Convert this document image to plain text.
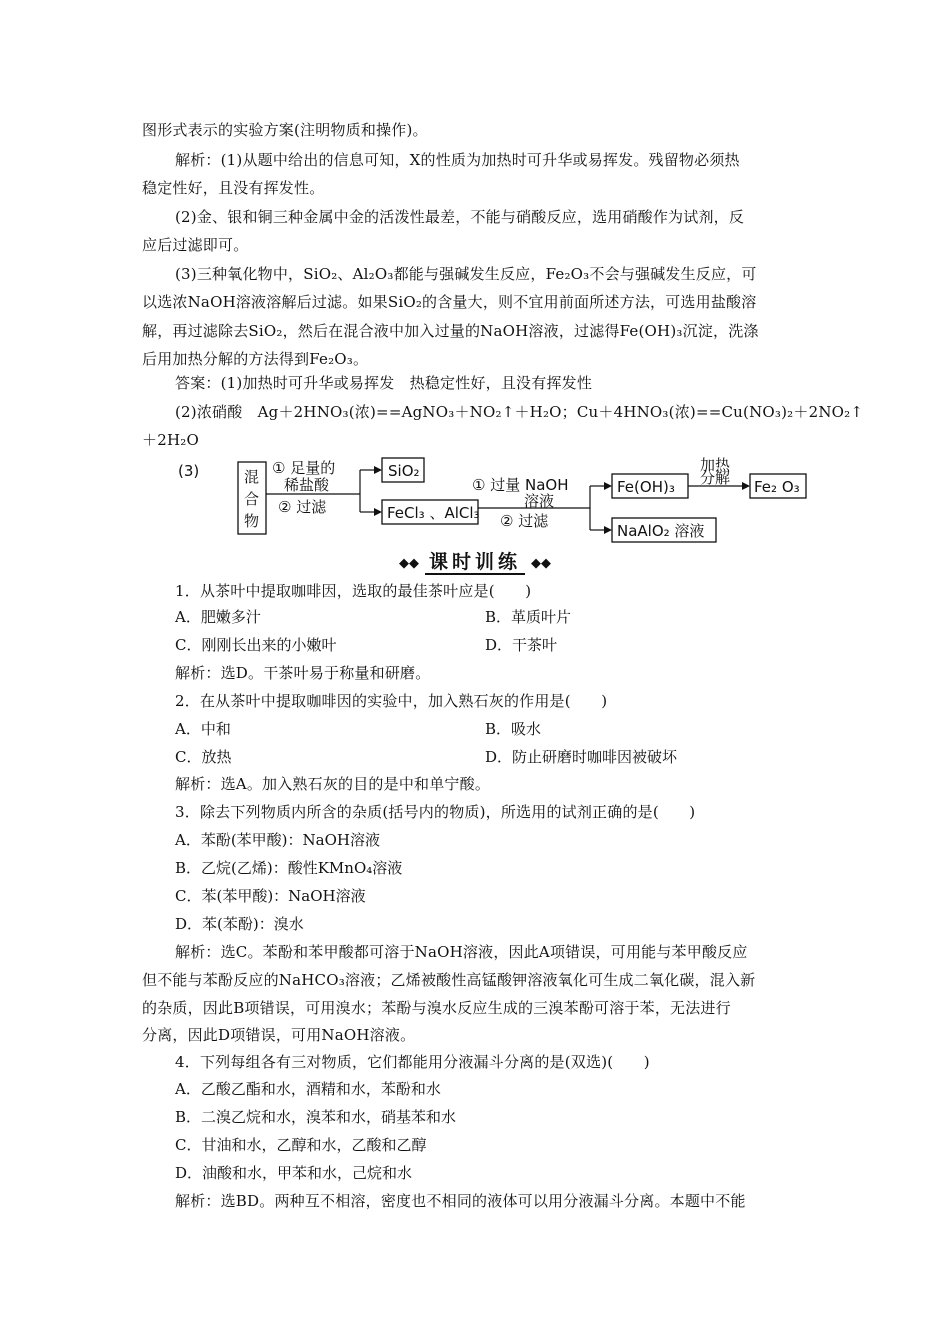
图形式表示的实验方案(注明物质和操作)。
解析：(1)从题中给出的信息可知，X的性质为加热时可升华或易挥发。残留物必须热
稳定性好，且没有挥发性。
(2)金、银和铜三种金属中金的活泼性最差，不能与硝酸反应，选用硝酸作为试剂，反
应后过滤即可。
(3)三种氧化物中，SiO₂、Al₂O₃都能与强碱发生反应，Fe₂O₃不会与强碱发生反应，可
以选浓NaOH溶液溶解后过滤。如果SiO₂的含量大，则不宜用前面所述方法，可选用盐酸溶
解，再过滤除去SiO₂，然后在混合液中加入过量的NaOH溶液，过滤得Fe(OH)₃沉淀，洗涤
后用加热分解的方法得到Fe₂O₃。
答案：(1)加热时可升华或易挥发　热稳定性好，且没有挥发性
(2)浓硝酸　Ag＋2HNO₃(浓)==AgNO₃＋NO₂↑＋H₂O；Cu＋4HNO₃(浓)==Cu(NO₃)₂＋2NO₂↑
＋2H₂O
(3)	混
合
物
① 足量的
稀盐酸
② 过滤
SiO₂
FeCl₃ 、AlCl₃
① 过量 NaOH
溶液
② 过滤
Fe(OH)₃
NaAlO₂ 溶液
加热
分解 Fe₂ O₃
◆◆ 课时训练 ◆◆
1．从茶叶中提取咖啡因，选取的最佳茶叶应是(　　)
A．肥嫩多汁	B．革质叶片
C．刚刚长出来的小嫩叶	D．干茶叶
解析：选D。干茶叶易于称量和研磨。
2．在从茶叶中提取咖啡因的实验中，加入熟石灰的作用是(　　)
A．中和	B．吸水
C．放热	D．防止研磨时咖啡因被破坏
解析：选A。加入熟石灰的目的是中和单宁酸。
3．除去下列物质内所含的杂质(括号内的物质)，所选用的试剂正确的是(　　)
A．苯酚(苯甲酸)：NaOH溶液
B．乙烷(乙烯)：酸性KMnO₄溶液
C．苯(苯甲酸)：NaOH溶液
D．苯(苯酚)：溴水
解析：选C。苯酚和苯甲酸都可溶于NaOH溶液，因此A项错误，可用能与苯甲酸反应
但不能与苯酚反应的NaHCO₃溶液；乙烯被酸性高锰酸钾溶液氧化可生成二氧化碳，混入新
的杂质，因此B项错误，可用溴水；苯酚与溴水反应生成的三溴苯酚可溶于苯，无法进行
分离，因此D项错误，可用NaOH溶液。
4．下列每组各有三对物质，它们都能用分液漏斗分离的是(双选)(　　)
A．乙酸乙酯和水，酒精和水，苯酚和水
B．二溴乙烷和水，溴苯和水，硝基苯和水
C．甘油和水，乙醇和水，乙酸和乙醇
D．油酸和水，甲苯和水，己烷和水
解析：选BD。两种互不相溶，密度也不相同的液体可以用分液漏斗分离。本题中不能
